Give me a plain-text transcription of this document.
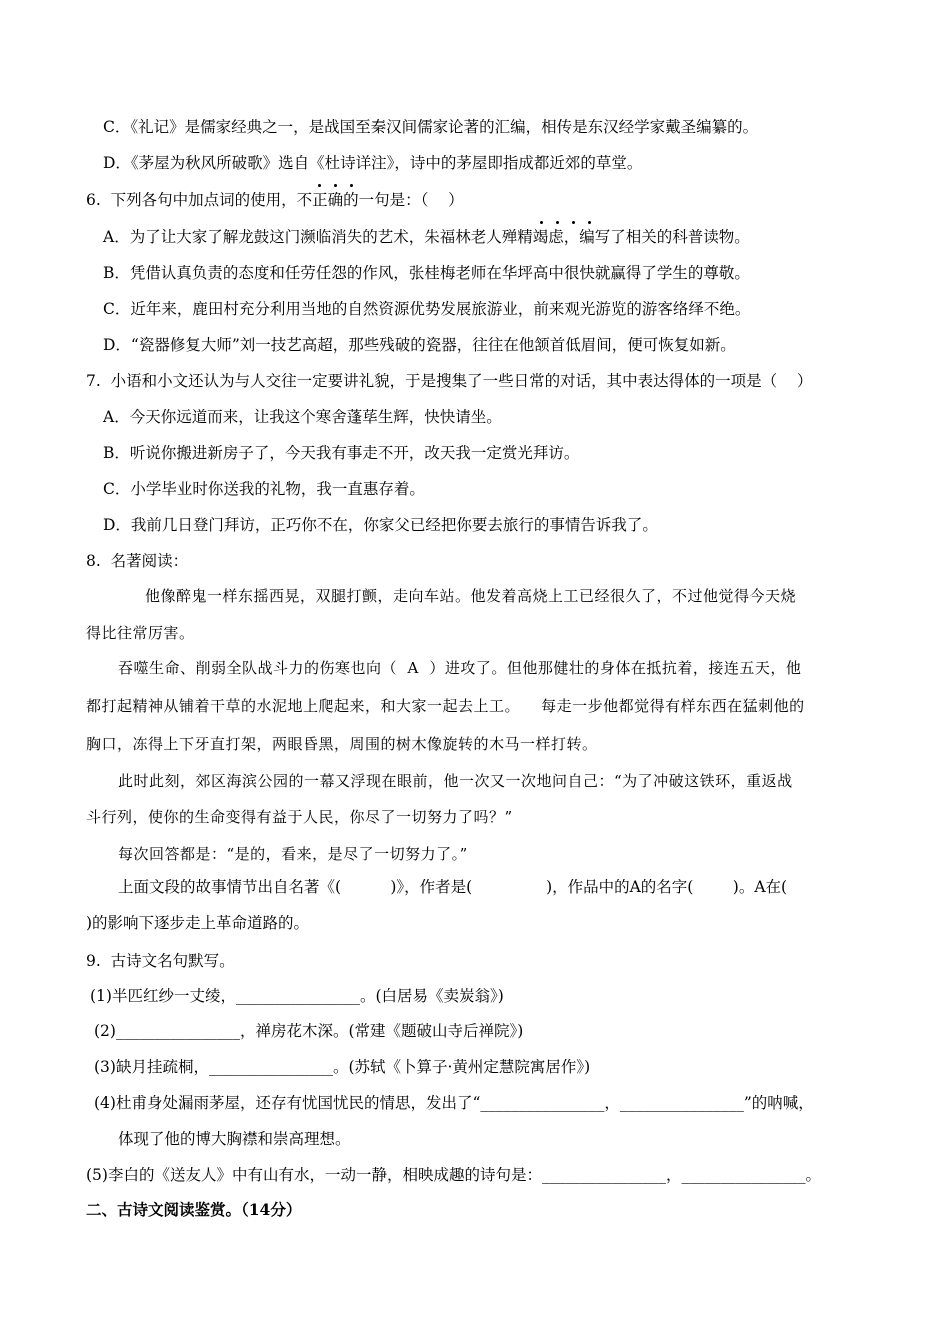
C．《礼记》是儒家经典之一，是战国至秦汉间儒家论著的汇编，相传是东汉经学家戴圣编纂的。
D．《茅屋为秋风所破歌》选自《杜诗详注》，诗中的茅屋即指成都近郊的草堂。
6.  下列各句中加点词的使用，不正确的一句是：（    ）
A．为了让大家了解龙鼓这门濒临消失的艺术，朱福林老人殚精竭虑，编写了相关的科普读物。
B．凭借认真负责的态度和任劳任怨的作风，张桂梅老师在华坪高中很快就赢得了学生的尊敬。
C．近年来，鹿田村充分利用当地的自然资源优势发展旅游业，前来观光游览的游客络绎不绝。
D．“瓷器修复大师”刘一技艺高超，那些残破的瓷器，往往在他颔首低眉间，便可恢复如新。
7.  小语和小文还认为与人交往一定要讲礼貌，于是搜集了一些日常的对话，其中表达得体的一项是（    ）
A．今天你远道而来，让我这个寒舍蓬荜生辉，快快请坐。
B．听说你搬进新房子了，今天我有事走不开，改天我一定赏光拜访。
C．小学毕业时你送我的礼物，我一直惠存着。
D．我前几日登门拜访，正巧你不在，你家父已经把你要去旅行的事情告诉我了。
8.  名著阅读：
他像醉鬼一样东摇西晃，双腿打颤，走向车站。他发着高烧上工已经很久了，不过他觉得今天烧
得比往常厉害。
吞噬生命、削弱全队战斗力的伤寒也向（  A  ）进攻了。但他那健壮的身体在抵抗着，接连五天，他
都打起精神从铺着干草的水泥地上爬起来，和大家一起去上工。    每走一步他都觉得有样东西在猛刺他的
胸口，冻得上下牙直打架，两眼昏黑，周围的树木像旋转的木马一样打转。
此时此刻，郊区海滨公园的一幕又浮现在眼前，他一次又一次地问自己：“为了冲破这铁环，重返战
斗行列，使你的生命变得有益于人民，你尽了一切努力了吗？”
每次回答都是：“是的，看来，是尽了一切努力了。”
上面文段的故事情节出自名著《(          )》，作者是(               )，作品中的A的名字(        )。A在(
)的影响下逐步走上革命道路的。
9.  古诗文名句默写。
(1)半匹红纱一丈绫，________________。(白居易《卖炭翁》)
(2)________________，禅房花木深。(常建《题破山寺后禅院》)
(3)缺月挂疏桐，________________。(苏轼《卜算子·黄州定慧院寓居作》)
(4)杜甫身处漏雨茅屋，还存有忧国忧民的情思，发出了“________________，________________”的呐喊，
体现了他的博大胸襟和崇高理想。
(5)李白的《送友人》中有山有水，一动一静，相映成趣的诗句是：________________，________________。
二、古诗文阅读鉴赏。（14分）
